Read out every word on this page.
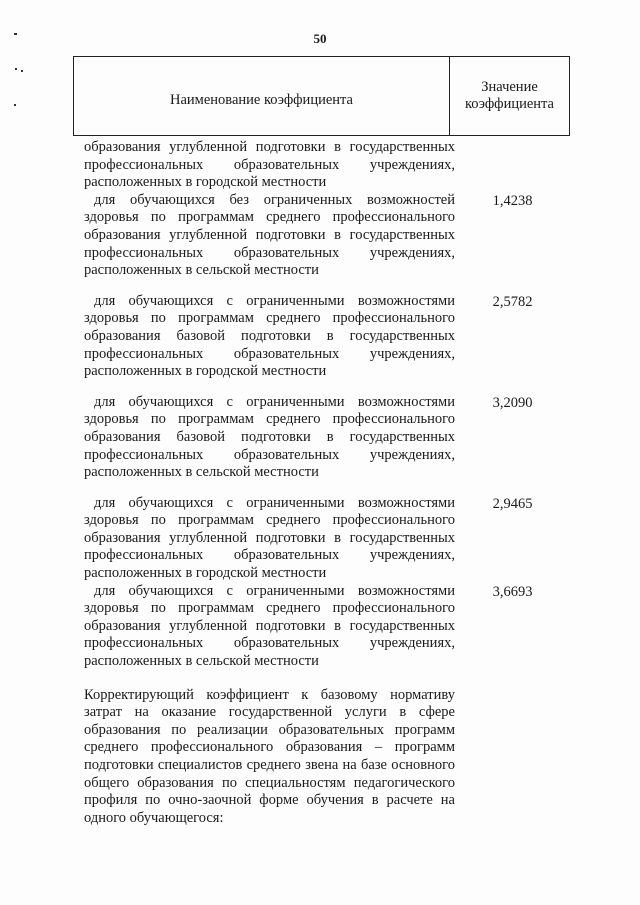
50
Наименование коэффициента
Значение
коэффициента
образования углубленной подготовки в государственных профессиональных образовательных учреждениях, расположенных в городской местности
для обучающихся без ограниченных возможностей здоровья по программам среднего профессионального образования углубленной подготовки в государственных профессиональных образовательных учреждениях, расположенных в сельской местности
1,4238
для обучающихся с ограниченными возможностями здоровья по программам среднего профессионального образования базовой подготовки в государственных профессиональных образовательных учреждениях, расположенных в городской местности
2,5782
для обучающихся с ограниченными возможностями здоровья по программам среднего профессионального образования базовой подготовки в государственных профессиональных образовательных учреждениях, расположенных в сельской местности
3,2090
для обучающихся с ограниченными возможностями здоровья по программам среднего профессионального образования углубленной подготовки в государственных профессиональных образовательных учреждениях, расположенных в городской местности
2,9465
для обучающихся с ограниченными возможностями здоровья по программам среднего профессионального образования углубленной подготовки в государственных профессиональных образовательных учреждениях, расположенных в сельской местности
3,6693
Корректирующий коэффициент к базовому нормативу затрат на оказание государственной услуги в сфере образования по реализации образовательных программ среднего профессионального образования – программ подготовки специалистов среднего звена на базе основного общего образования по специальностям педагогического профиля по очно-заочной форме обучения в расчете на одного обучающегося:
